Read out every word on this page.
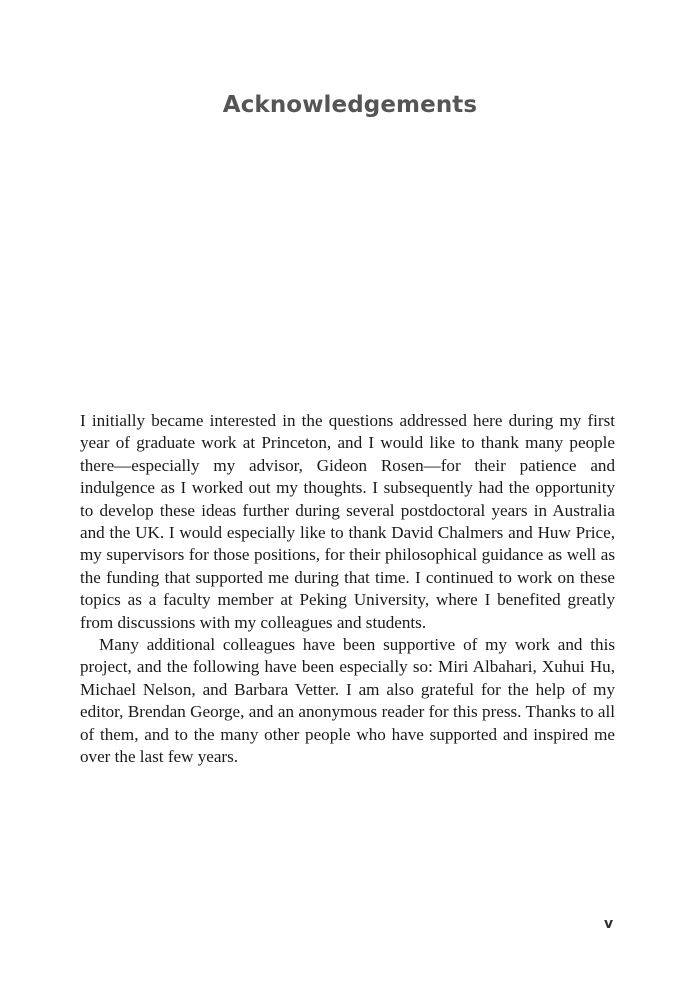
Acknowledgements

I initially became interested in the questions addressed here during my first year of graduate work at Princeton, and I would like to thank many people there—especially my advisor, Gideon Rosen—for their patience and indulgence as I worked out my thoughts. I subsequently had the opportunity to develop these ideas further during several postdoctoral years in Australia and the UK. I would especially like to thank David Chalmers and Huw Price, my supervisors for those positions, for their philosophical guidance as well as the funding that supported me during that time. I continued to work on these topics as a faculty member at Peking University, where I benefited greatly from discussions with my colleagues and students.

Many additional colleagues have been supportive of my work and this project, and the following have been especially so: Miri Albahari, Xuhui Hu, Michael Nelson, and Barbara Vetter. I am also grateful for the help of my editor, Brendan George, and an anonymous reader for this press. Thanks to all of them, and to the many other people who have supported and inspired me over the last few years.

v
